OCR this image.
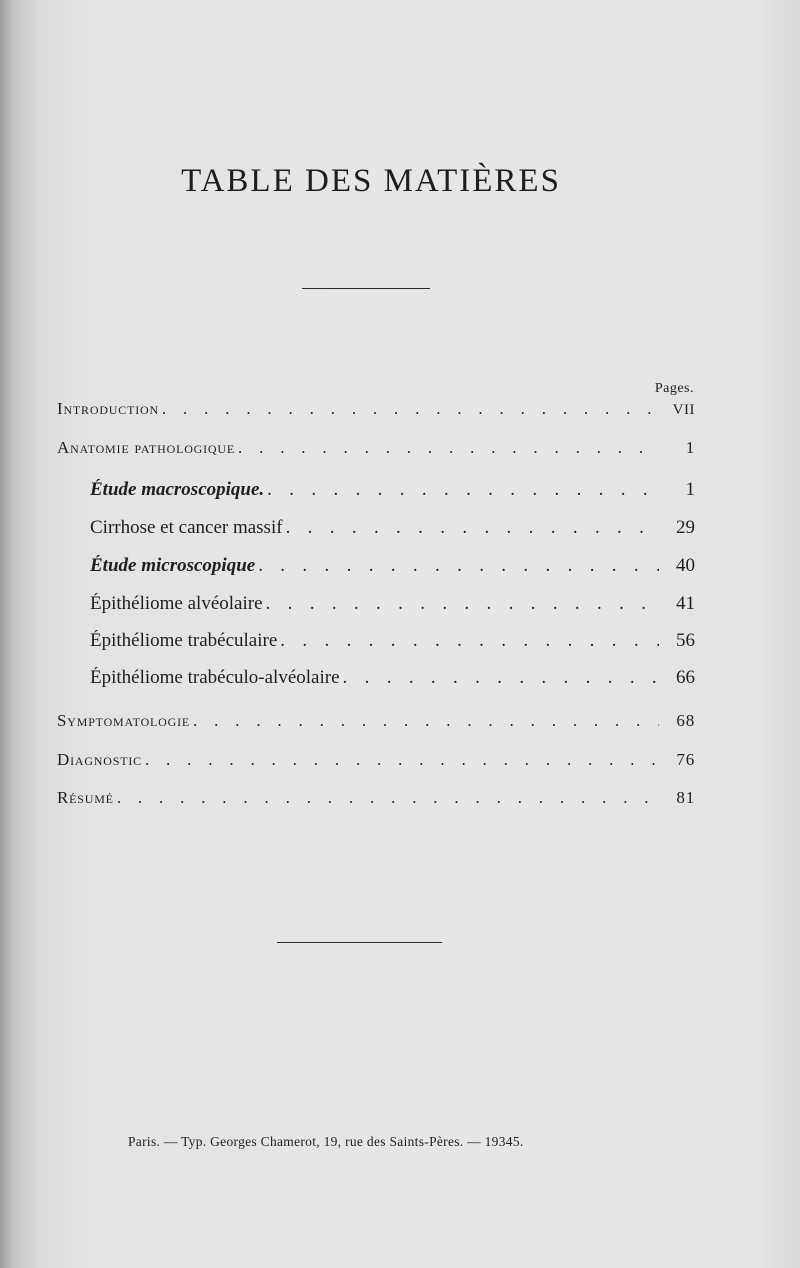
TABLE DES MATIÈRES
Pages.
Introduction . . .	VII
Anatomie pathologique . . .	1
Étude macroscopique. . . .	1
Cirrhose et cancer massif . . .	29
Étude microscopique . . .	40
Épithéliome alvéolaire . . .	41
Épithéliome trabéculaire . . .	56
Épithéliome trabéculo-alvéolaire . . .	66
Symptomatologie . . .	68
Diagnostic . . .	76
Résumé . . .	81
Paris. — Typ. Georges Chamerot, 19, rue des Saints-Pères. — 19345.
